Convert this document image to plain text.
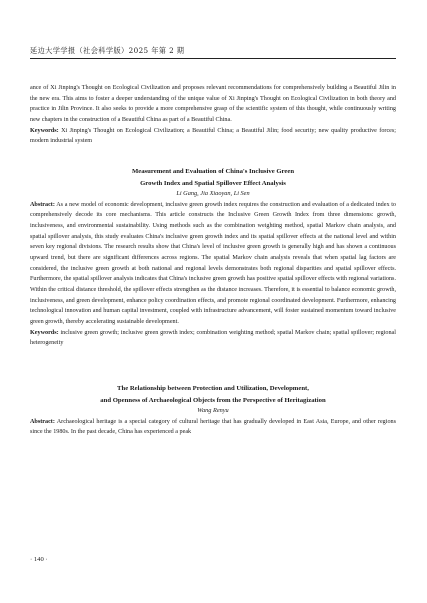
延边大学学报（社会科学版）2025 年第 2 期

ance of Xi Jinping's Thought on Ecological Civilization and proposes relevant recommendations for comprehensively building a Beautiful Jilin in the new era. This aims to foster a deeper understanding of the unique value of Xi Jinping's Thought on Ecological Civilization in both theory and practice in Jilin Province. It also seeks to provide a more comprehensive grasp of the scientific system of this thought, while continuously writing new chapters in the construction of a Beautiful China as part of a Beautiful China.

Keywords: Xi Jinping's Thought on Ecological Civilization; a Beautiful China; a Beautiful Jilin; food security; new quality productive forces; modern industrial system

Measurement and Evaluation of China's Inclusive Green

Growth Index and Spatial Spillover Effect Analysis

Li Gang, Jia Xiaoyan, Li Sen

Abstract: As a new model of economic development, inclusive green growth index requires the construction and evaluation of a dedicated index to comprehensively decode its core mechanisms. This article constructs the Inclusive Green Growth Index from three dimensions: growth, inclusiveness, and environmental sustainability. Using methods such as the combination weighting method, spatial Markov chain analysis, and spatial spillover analysis, this study evaluates China's inclusive green growth index and its spatial spillover effects at the national level and within seven key regional divisions. The research results show that China's level of inclusive green growth is generally high and has shown a continuous upward trend, but there are significant differences across regions. The spatial Markov chain analysis reveals that when spatial lag factors are considered, the inclusive green growth at both national and regional levels demonstrates both regional disparities and spatial spillover effects. Furthermore, the spatial spillover analysis indicates that China's inclusive green growth has positive spatial spillover effects with regional variations. Within the critical distance threshold, the spillover effects strengthen as the distance increases. Therefore, it is essential to balance economic growth, inclusiveness, and green development, enhance policy coordination effects, and promote regional coordinated development. Furthermore, enhancing technological innovation and human capital investment, coupled with infrastructure advancement, will foster sustained momentum toward inclusive green growth, thereby accelerating sustainable development.

Keywords: inclusive green growth; inclusive green growth index; combination weighting method; spatial Markov chain; spatial spillover; regional heterogeneity

The Relationship between Protection and Utilization, Development,

and Openness of Archaeological Objects from the Perspective of Heritagization

Wang Renyu

Abstract: Archaeological heritage is a special category of cultural heritage that has gradually developed in East Asia, Europe, and other regions since the 1980s. In the past decade, China has experienced a peak

· 140 ·
